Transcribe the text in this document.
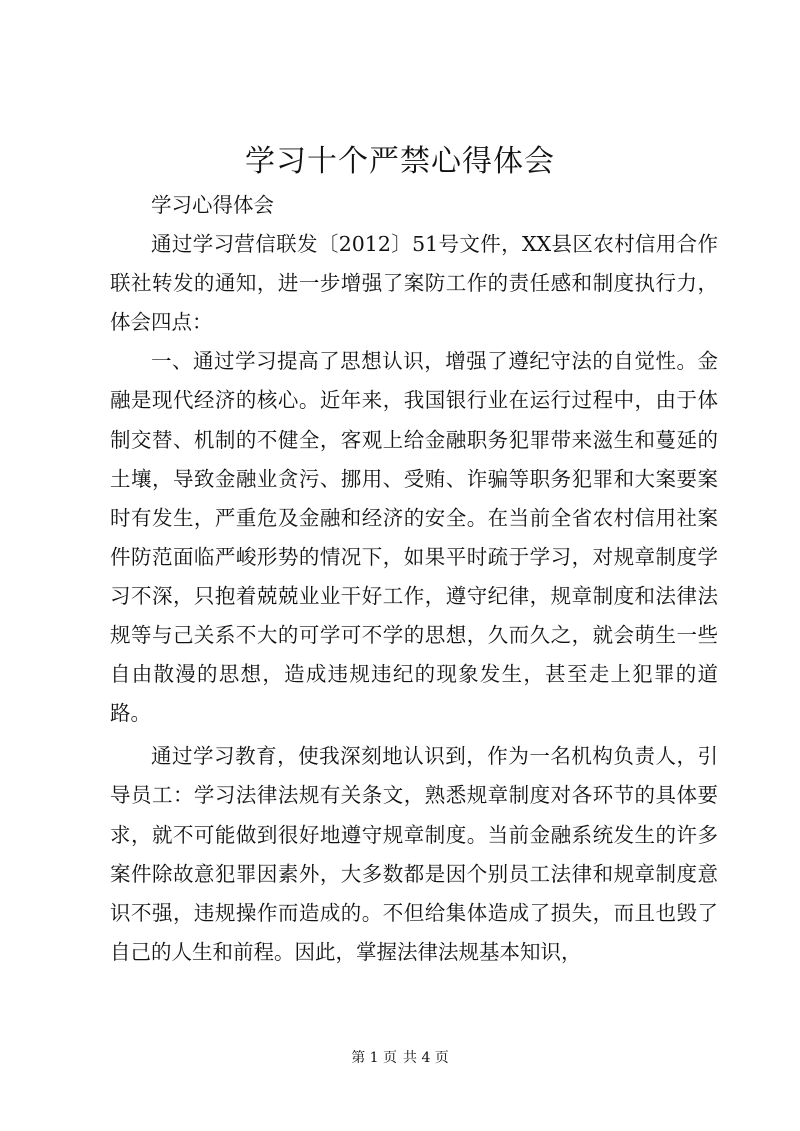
学习十个严禁心得体会

学习心得体会

通过学习营信联发〔2012〕51号文件，XX县区农村信用合作联社转发的通知，进一步增强了案防工作的责任感和制度执行力，体会四点：

一、通过学习提高了思想认识，增强了遵纪守法的自觉性。金融是现代经济的核心。近年来，我国银行业在运行过程中，由于体制交替、机制的不健全，客观上给金融职务犯罪带来滋生和蔓延的土壤，导致金融业贪污、挪用、受贿、诈骗等职务犯罪和大案要案时有发生，严重危及金融和经济的安全。在当前全省农村信用社案件防范面临严峻形势的情况下，如果平时疏于学习，对规章制度学习不深，只抱着兢兢业业干好工作，遵守纪律，规章制度和法律法规等与己关系不大的可学可不学的思想，久而久之，就会萌生一些自由散漫的思想，造成违规违纪的现象发生，甚至走上犯罪的道路。

通过学习教育，使我深刻地认识到，作为一名机构负责人，引导员工：学习法律法规有关条文，熟悉规章制度对各环节的具体要求，就不可能做到很好地遵守规章制度。当前金融系统发生的许多案件除故意犯罪因素外，大多数都是因个别员工法律和规章制度意识不强，违规操作而造成的。不但给集体造成了损失，而且也毁了自己的人生和前程。因此，掌握法律法规基本知识，

第 1 页 共 4 页
